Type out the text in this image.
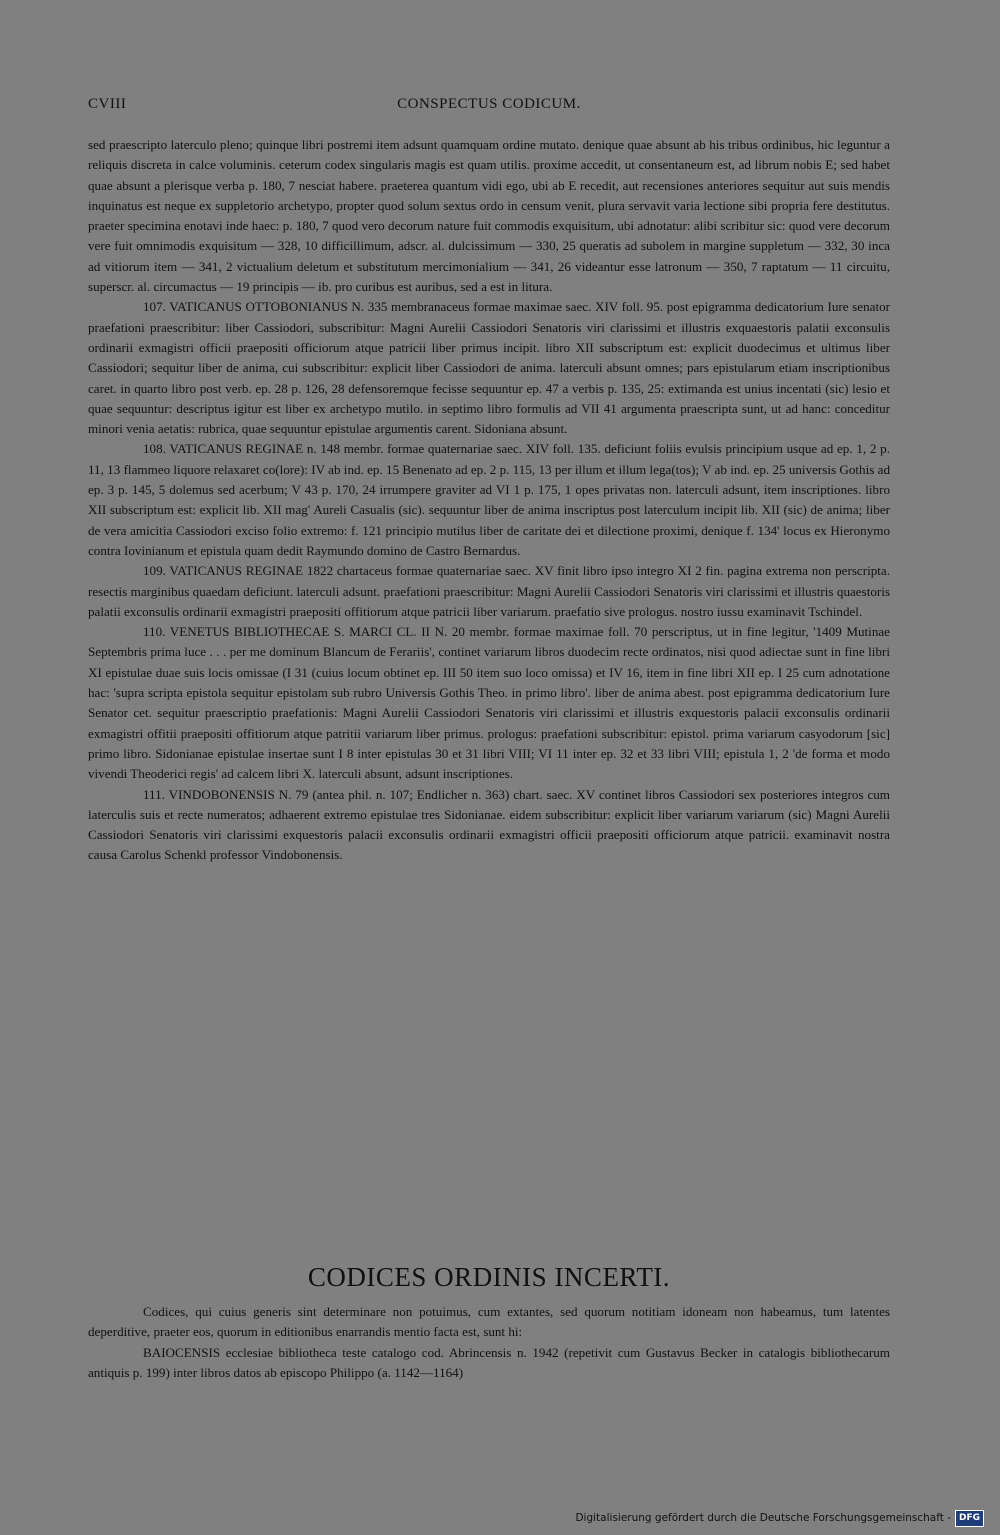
CVIII	CONSPECTUS CODICUM.

sed praescripto laterculo pleno; quinque libri postremi item adsunt quamquam ordine mutato. denique quae absunt ab his tribus ordinibus, hic leguntur a reliquis discreta in calce voluminis. ceterum codex singularis magis est quam utilis. proxime accedit, ut consentaneum est, ad librum nobis E; sed habet quae absunt a plerisque verba p. 180, 7 nesciat habere. praeterea quantum vidi ego, ubi ab E recedit, aut recensiones anteriores sequitur aut suis mendis inquinatus est neque ex suppletorio archetypo, propter quod solum sextus ordo in censum venit, plura servavit varia lectione sibi propria fere destitutus. praeter specimina enotavi inde haec: p. 180, 7 quod vero decorum nature fuit commodis exquisitum, ubi adnotatur: alibi scribitur sic: quod vere decorum vere fuit omnimodis exquisitum — 328, 10 difficillimum, adscr. al. dulcissimum — 330, 25 queratis ad subolem in margine suppletum — 332, 30 inca ad vitiorum item — 341, 2 victualium deletum et substitutum mercimonialium — 341, 26 videantur esse latronum — 350, 7 raptatum — 11 circuitu, superscr. al. circumactus — 19 principis — ib. pro curibus est auribus, sed a est in litura.

107. VATICANUS OTTOBONIANUS N. 335 membranaceus formae maximae saec. XIV foll. 95. post epigramma dedicatorium Iure senator praefationi praescribitur: liber Cassiodori, subscribitur: Magni Aurelii Cassiodori Senatoris viri clarissimi et illustris exquaestoris palatii exconsulis ordinarii exmagistri officii praepositi officiorum atque patricii liber primus incipit. libro XII subscriptum est: explicit duodecimus et ultimus liber Cassiodori; sequitur liber de anima, cui subscribitur: explicit liber Cassiodori de anima. laterculi absunt omnes; pars epistularum etiam inscriptionibus caret. in quarto libro post verb. ep. 28 p. 126, 28 defensoremque fecisse sequuntur ep. 47 a verbis p. 135, 25: extimanda est unius incentati (sic) lesio et quae sequuntur: descriptus igitur est liber ex archetypo mutilo. in septimo libro formulis ad VII 41 argumenta praescripta sunt, ut ad hanc: conceditur minori venia aetatis: rubrica, quae sequuntur epistulae argumentis carent. Sidoniana absunt.

108. VATICANUS REGINAE n. 148 membr. formae quaternariae saec. XIV foll. 135. deficiunt foliis evulsis principium usque ad ep. 1, 2 p. 11, 13 flammeo liquore relaxaret co(lore): IV ab ind. ep. 15 Benenato ad ep. 2 p. 115, 13 per illum et illum lega(tos); V ab ind. ep. 25 universis Gothis ad ep. 3 p. 145, 5 dolemus sed acerbum; V 43 p. 170, 24 irrumpere graviter ad VI 1 p. 175, 1 opes privatas non. laterculi adsunt, item inscriptiones. libro XII subscriptum est: explicit lib. XII mag' Aureli Casualis (sic). sequuntur liber de anima inscriptus post laterculum incipit lib. XII (sic) de anima; liber de vera amicitia Cassiodori exciso folio extremo: f. 121 principio mutilus liber de caritate dei et dilectione proximi, denique f. 134' locus ex Hieronymo contra Iovinianum et epistula quam dedit Raymundo domino de Castro Bernardus.

109. VATICANUS REGINAE 1822 chartaceus formae quaternariae saec. XV finit libro ipso integro XI 2 fin. pagina extrema non perscripta. resectis marginibus quaedam deficiunt. laterculi adsunt. praefationi praescribitur: Magni Aurelii Cassiodori Senatoris viri clarissimi et illustris quaestoris palatii exconsulis ordinarii exmagistri praepositi offitiorum atque patricii liber variarum. praefatio sive prologus. nostro iussu examinavit Tschindel.

110. VENETUS BIBLIOTHECAE S. MARCI CL. II N. 20 membr. formae maximae foll. 70 perscriptus, ut in fine legitur, '1409 Mutinae Septembris prima luce . . . per me dominum Blancum de Ferariis', continet variarum libros duodecim recte ordinatos, nisi quod adiectae sunt in fine libri XI epistulae duae suis locis omissae (I 31 (cuius locum obtinet ep. III 50 item suo loco omissa) et IV 16, item in fine libri XII ep. I 25 cum adnotatione hac: 'supra scripta epistola sequitur epistolam sub rubro Universis Gothis Theo. in primo libro'. liber de anima abest. post epigramma dedicatorium Iure Senator cet. sequitur praescriptio praefationis: Magni Aurelii Cassiodori Senatoris viri clarissimi et illustris exquestoris palacii exconsulis ordinarii exmagistri offitii praepositi offitiorum atque patritii variarum liber primus. prologus: praefationi subscribitur: epistol. prima variarum casyodorum [sic] primo libro. Sidonianae epistulae insertae sunt I 8 inter epistulas 30 et 31 libri VIII; VI 11 inter ep. 32 et 33 libri VIII; epistula 1, 2 'de forma et modo vivendi Theoderici regis' ad calcem libri X. laterculi absunt, adsunt inscriptiones.

111. VINDOBONENSIS N. 79 (antea phil. n. 107; Endlicher n. 363) chart. saec. XV continet libros Cassiodori sex posteriores integros cum laterculis suis et recte numeratos; adhaerent extremo epistulae tres Sidonianae. eidem subscribitur: explicit liber variarum variarum (sic) Magni Aurelii Cassiodori Senatoris viri clarissimi exquestoris palacii exconsulis ordinarii exmagistri officii praepositi officiorum atque patricii. examinavit nostra causa Carolus Schenkl professor Vindobonensis.

CODICES ORDINIS INCERTI.

Codices, qui cuius generis sint determinare non potuimus, cum extantes, sed quorum notitiam idoneam non habeamus, tum latentes deperditive, praeter eos, quorum in editionibus enarrandis mentio facta est, sunt hi:

BAIOCENSIS ecclesiae bibliotheca teste catalogo cod. Abrincensis n. 1942 (repetivit cum Gustavus Becker in catalogis bibliothecarum antiquis p. 199) inter libros datos ab episcopo Philippo (a. 1142—1164)

Digitalisierung gefördert durch die Deutsche Forschungsgemeinschaft - DFG
